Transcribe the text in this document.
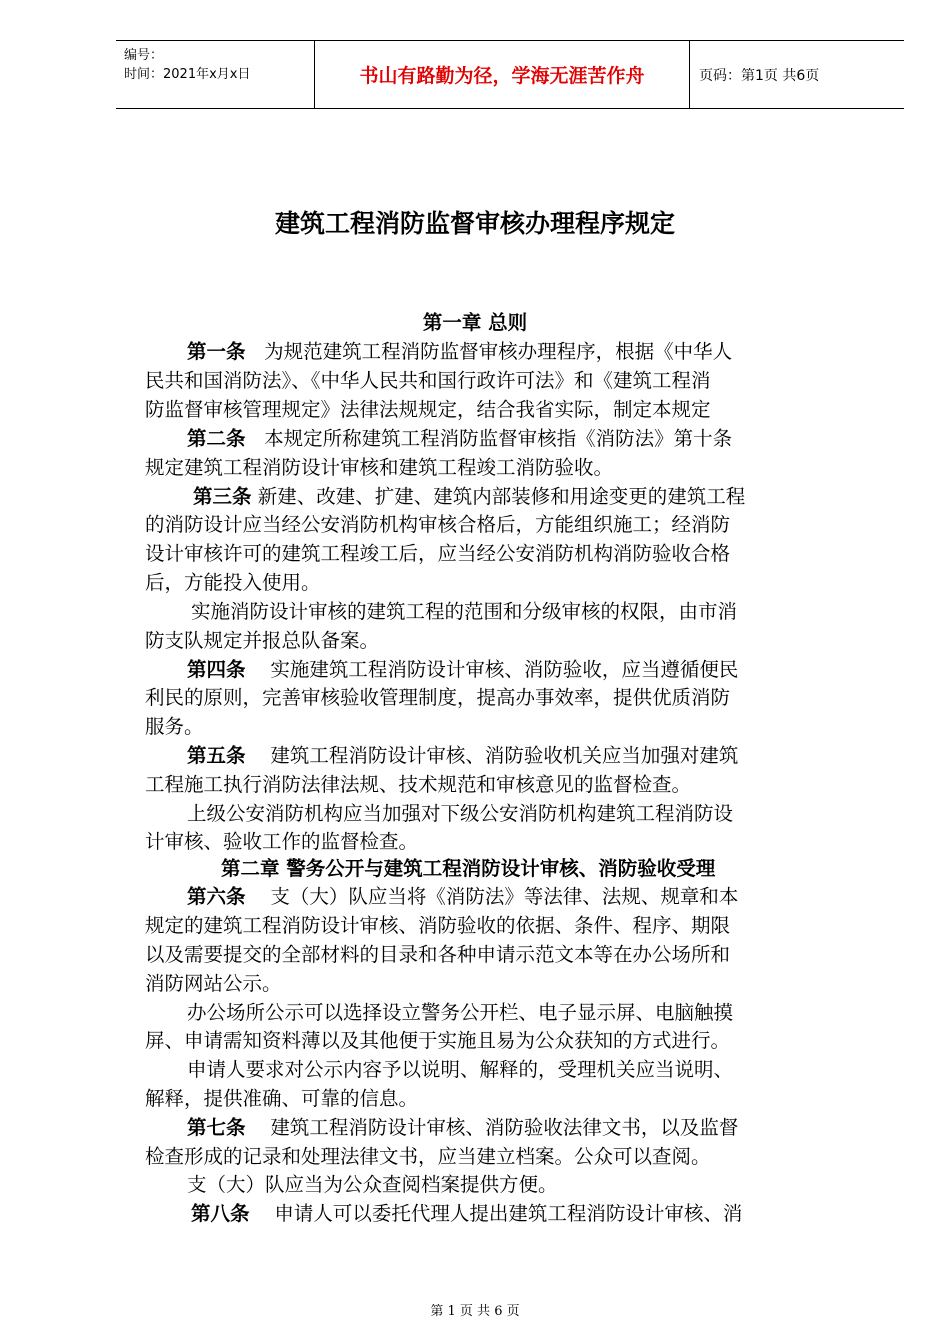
编号：
时间：2021年x月x日	书山有路勤为径，学海无涯苦作舟	页码：第1页 共6页
建筑工程消防监督审核办理程序规定
第一章 总则
第一条 为规范建筑工程消防监督审核办理程序，根据《中华人
民共和国消防法》、《中华人民共和国行政许可法》和《建筑工程消
防监督审核管理规定》法律法规规定，结合我省实际，制定本规定
第二条 本规定所称建筑工程消防监督审核指《消防法》第十条
规定建筑工程消防设计审核和建筑工程竣工消防验收。
第三条 新建、改建、扩建、建筑内部装修和用途变更的建筑工程
的消防设计应当经公安消防机构审核合格后，方能组织施工；经消防
设计审核许可的建筑工程竣工后，应当经公安消防机构消防验收合格
后，方能投入使用。
实施消防设计审核的建筑工程的范围和分级审核的权限，由市消
防支队规定并报总队备案。
第四条 实施建筑工程消防设计审核、消防验收，应当遵循便民
利民的原则，完善审核验收管理制度，提高办事效率，提供优质消防
服务。
第五条 建筑工程消防设计审核、消防验收机关应当加强对建筑
工程施工执行消防法律法规、技术规范和审核意见的监督检查。
上级公安消防机构应当加强对下级公安消防机构建筑工程消防设
计审核、验收工作的监督检查。
第二章 警务公开与建筑工程消防设计审核、消防验收受理
第六条 支（大）队应当将《消防法》等法律、法规、规章和本
规定的建筑工程消防设计审核、消防验收的依据、条件、程序、期限
以及需要提交的全部材料的目录和各种申请示范文本等在办公场所和
消防网站公示。
办公场所公示可以选择设立警务公开栏、电子显示屏、电脑触摸
屏、申请需知资料薄以及其他便于实施且易为公众获知的方式进行。
申请人要求对公示内容予以说明、解释的，受理机关应当说明、
解释，提供准确、可靠的信息。
第七条 建筑工程消防设计审核、消防验收法律文书，以及监督
检查形成的记录和处理法律文书，应当建立档案。公众可以查阅。
支（大）队应当为公众查阅档案提供方便。
第八条 申请人可以委托代理人提出建筑工程消防设计审核、消
第 1 页 共 6 页
